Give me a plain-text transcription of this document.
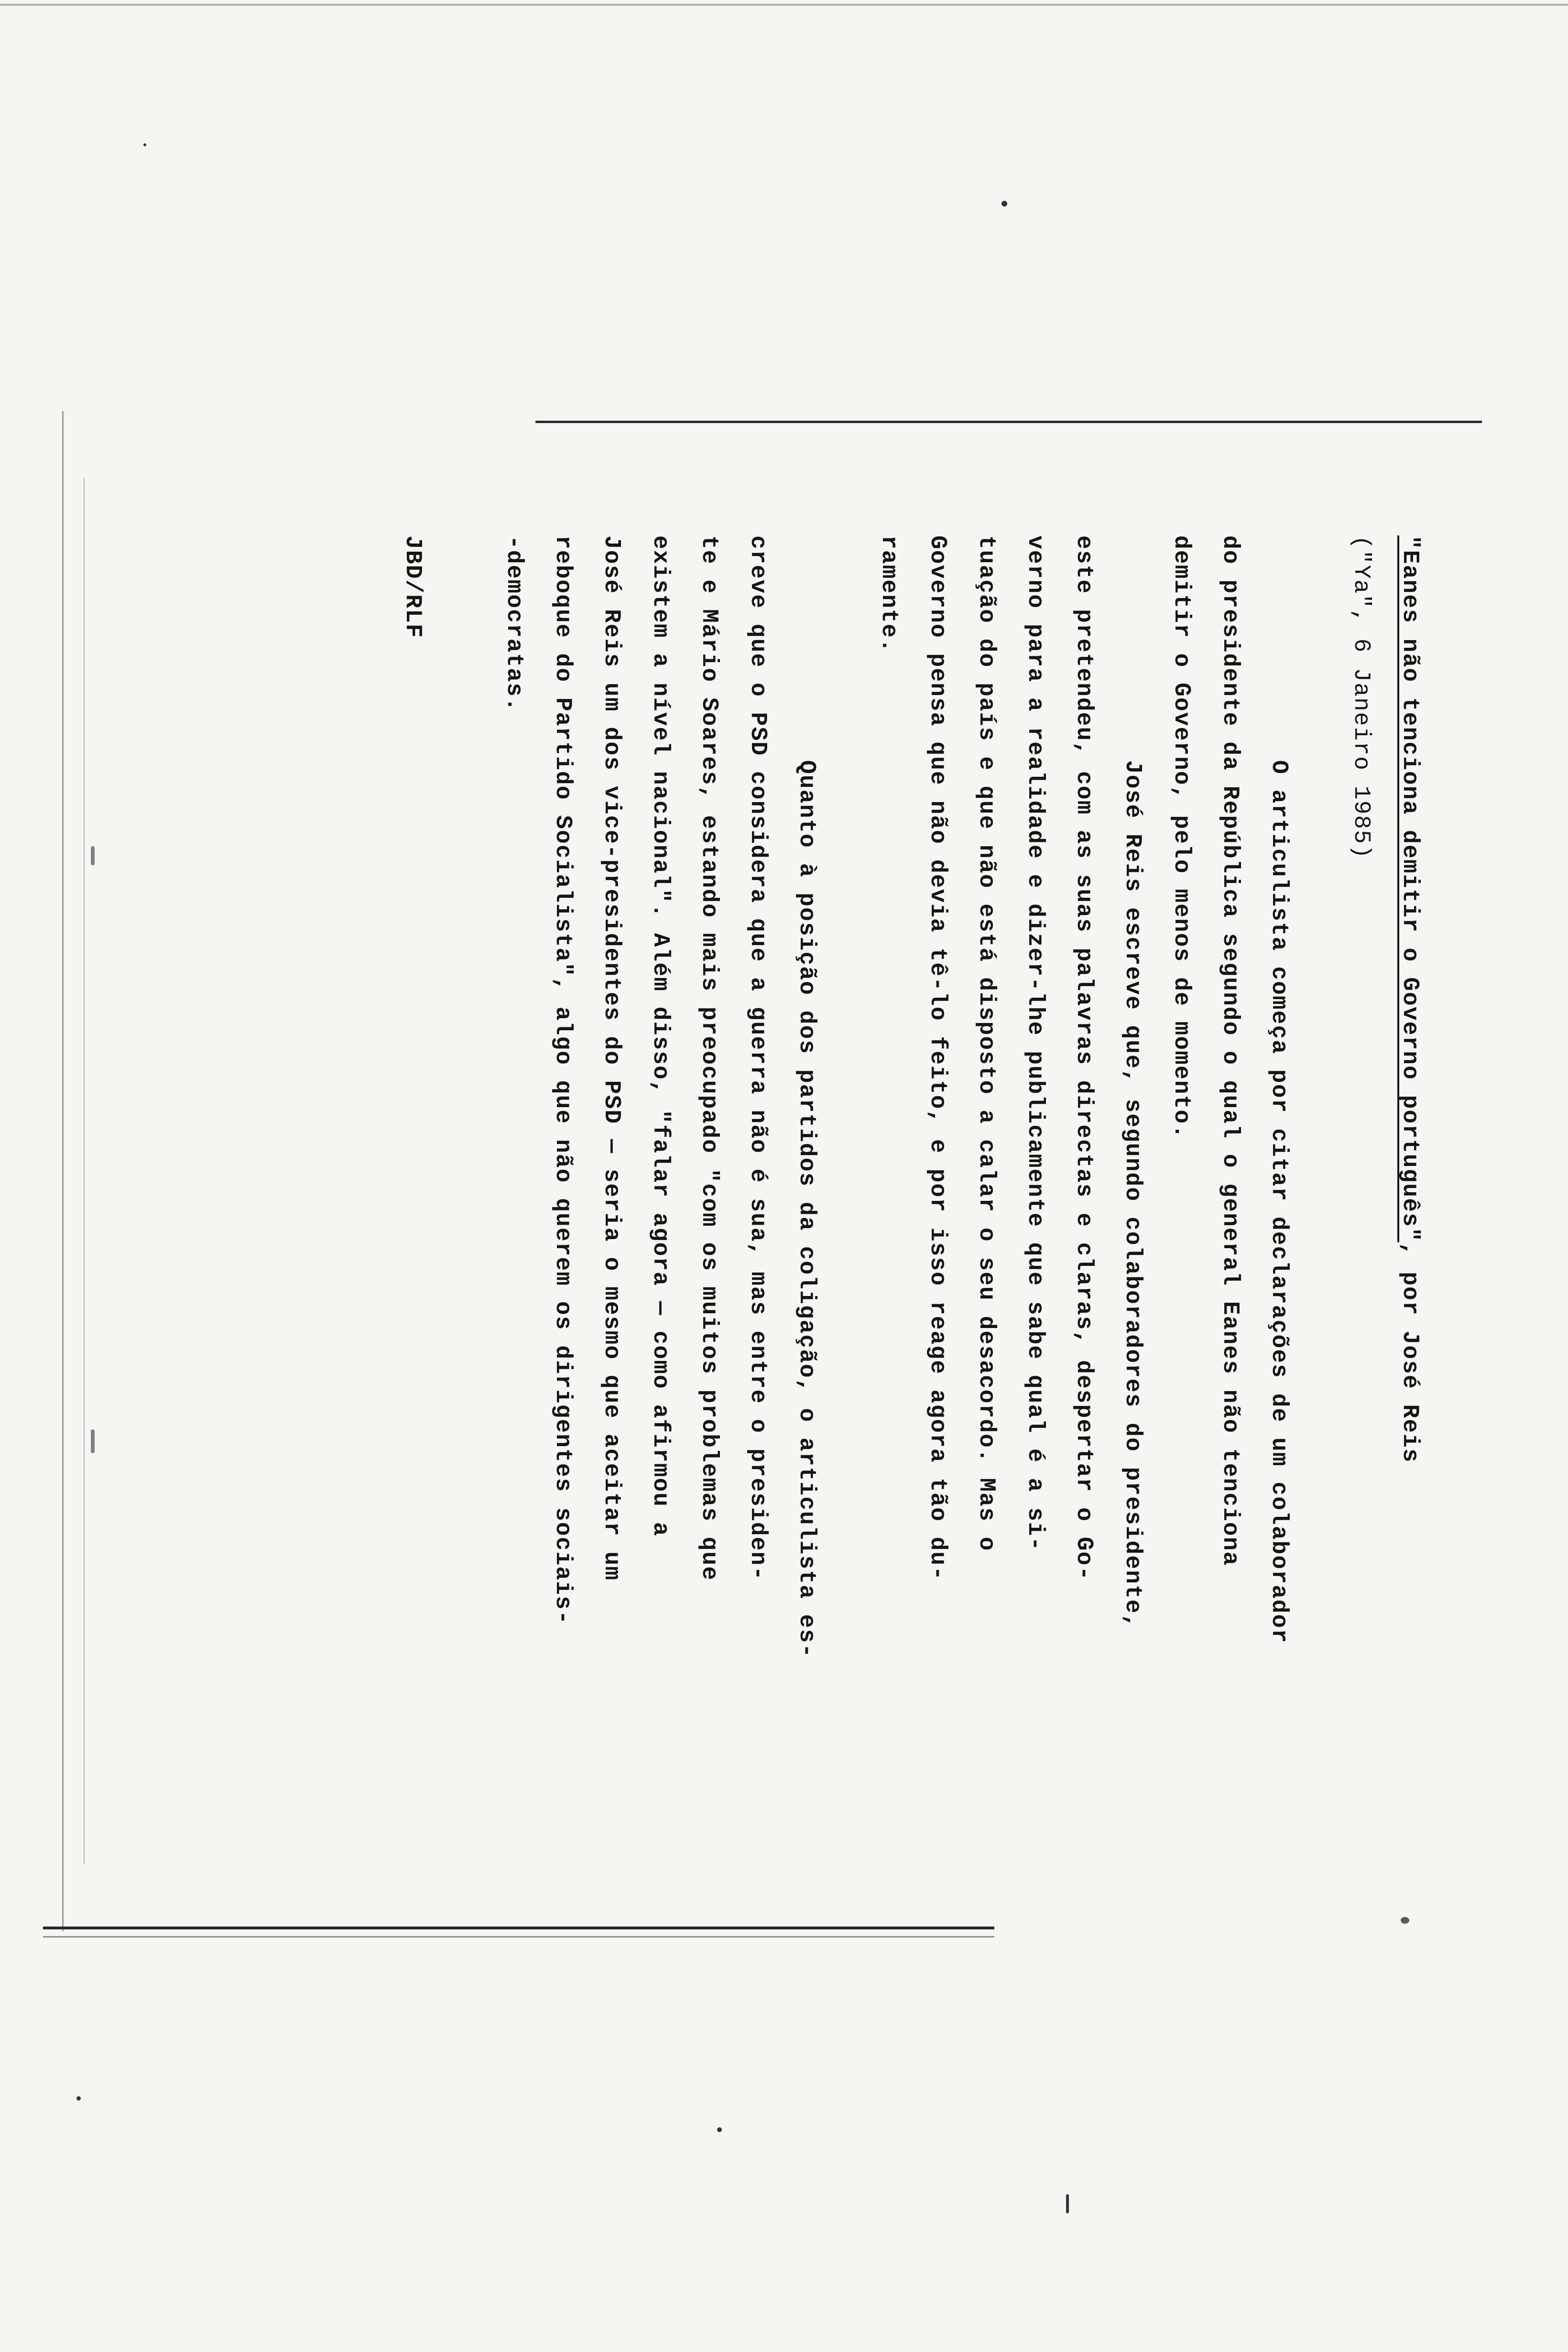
"Eanes não tenciona demitir o Governo português", por José Reis
("Ya", 6 Janeiro 1985)
O articulista começa por citar declarações de um colaborador
do presidente da República segundo o qual o general Eanes não tenciona
demitir o Governo, pelo menos de momento.
José Reis escreve que, segundo colaboradores do presidente,
este pretendeu, com as suas palavras directas e claras, despertar o Go-
verno para a realidade e dizer-lhe publicamente que sabe qual é a si-
tuação do país e que não está disposto a calar o seu desacordo. Mas o
Governo pensa que não devia tê-lo feito, e por isso reage agora tão du-
ramente.
Quanto à posição dos partidos da coligação, o articulista es-
creve que o PSD considera que a guerra não é sua, mas entre o presiden-
te e Mário Soares, estando mais preocupado "com os muitos problemas que
existem a nível nacional". Além disso, "falar agora — como afirmou a
José Reis um dos vice-presidentes do PSD — seria o mesmo que aceitar um
reboque do Partido Socialista", algo que não querem os dirigentes sociais-
-democratas.
JBD/RLF
